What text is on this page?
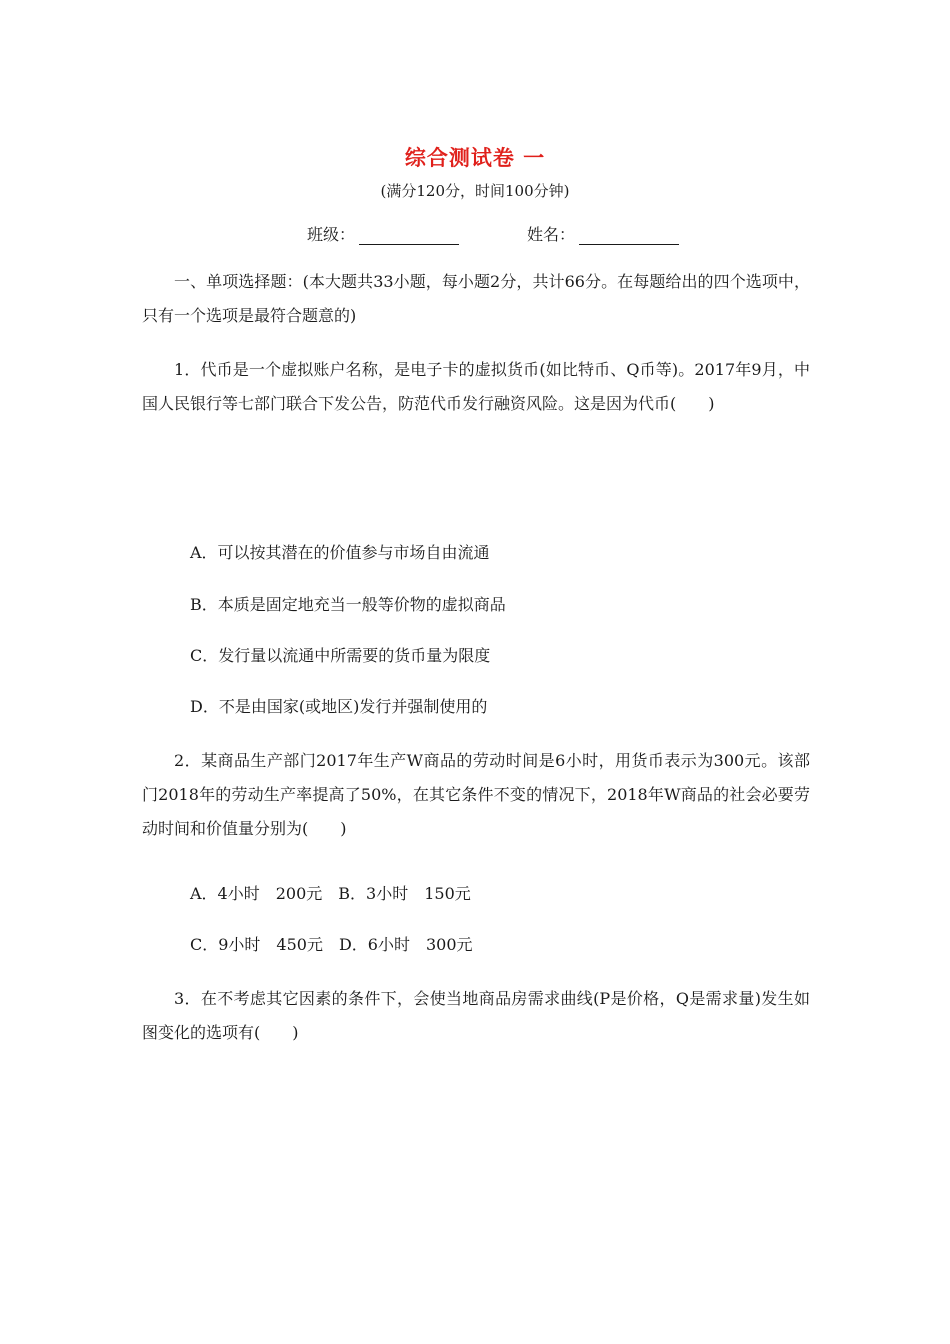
综合测试卷 一
(满分120分，时间100分钟)
班级：	姓名：
一、单项选择题：(本大题共33小题，每小题2分，共计66分。在每题给出的四个选项中，只有一个选项是最符合题意的)
1．代币是一个虚拟账户名称，是电子卡的虚拟货币(如比特币、Q币等)。2017年9月，中国人民银行等七部门联合下发公告，防范代币发行融资风险。这是因为代币(　　)
A．可以按其潜在的价值参与市场自由流通
B．本质是固定地充当一般等价物的虚拟商品
C．发行量以流通中所需要的货币量为限度
D．不是由国家(或地区)发行并强制使用的
2．某商品生产部门2017年生产W商品的劳动时间是6小时，用货币表示为300元。该部门2018年的劳动生产率提高了50%，在其它条件不变的情况下，2018年W商品的社会必要劳动时间和价值量分别为(　　)
A．4小时　200元　B．3小时　150元
C．9小时　450元　D．6小时　300元
3．在不考虑其它因素的条件下，会使当地商品房需求曲线(P是价格，Q是需求量)发生如图变化的选项有(　　)
